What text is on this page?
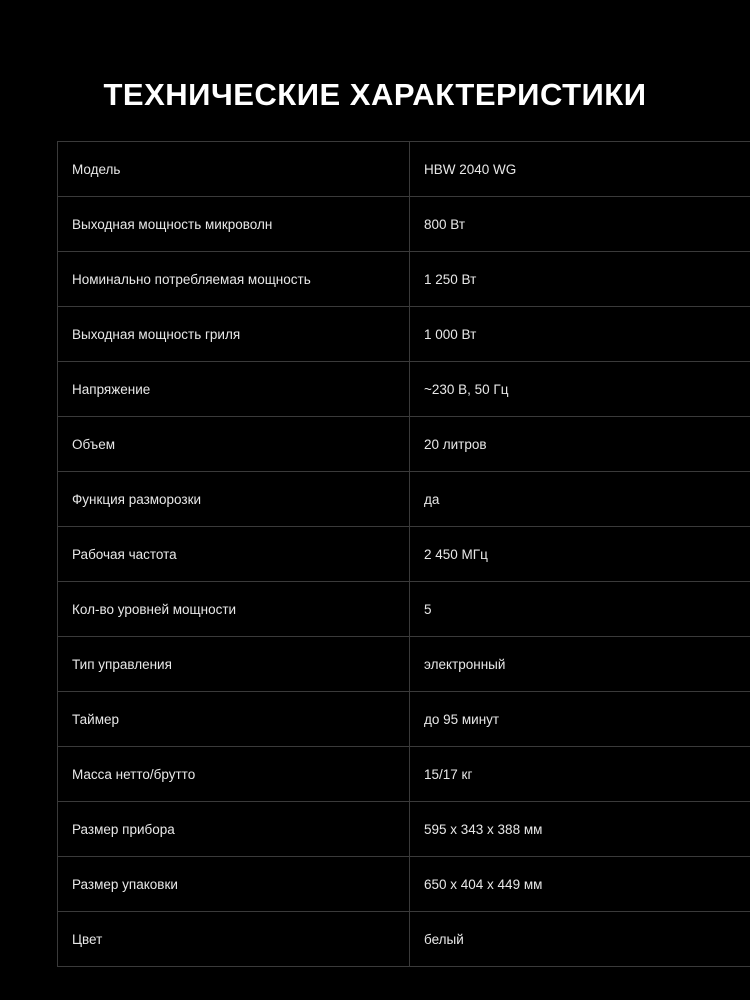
ТЕХНИЧЕСКИЕ ХАРАКТЕРИСТИКИ
Модель	HBW 2040 WG
Выходная мощность микроволн	800 Вт
Номинально потребляемая мощность	1 250 Вт
Выходная мощность гриля	1 000 Вт
Напряжение	~230 В, 50 Гц
Объем	20 литров
Функция разморозки	да
Рабочая частота	2 450 МГц
Кол-во уровней мощности	5
Тип управления	электронный
Таймер	до 95 минут
Масса нетто/брутто	15/17 кг
Размер прибора	595 x 343 x 388 мм
Размер упаковки	650 x 404 x 449 мм
Цвет	белый
